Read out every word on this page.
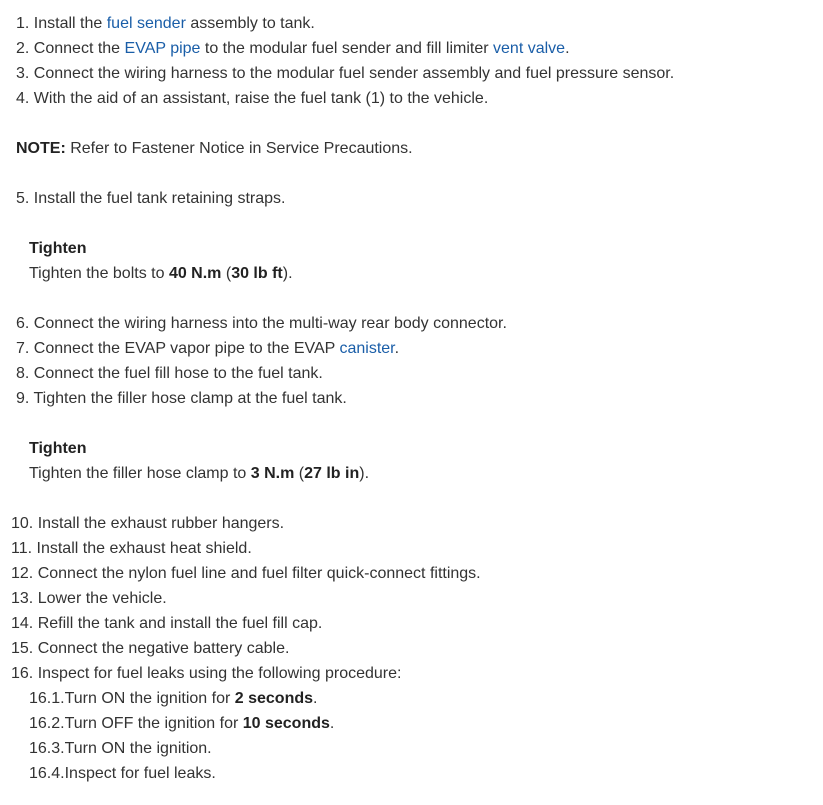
1. Install the fuel sender assembly to tank.
2. Connect the EVAP pipe to the modular fuel sender and fill limiter vent valve.
3. Connect the wiring harness to the modular fuel sender assembly and fuel pressure sensor.
4. With the aid of an assistant, raise the fuel tank (1) to the vehicle.
NOTE: Refer to Fastener Notice in Service Precautions.
5. Install the fuel tank retaining straps.
Tighten
Tighten the bolts to 40 N.m (30 lb ft).
6. Connect the wiring harness into the multi-way rear body connector.
7. Connect the EVAP vapor pipe to the EVAP canister.
8. Connect the fuel fill hose to the fuel tank.
9. Tighten the filler hose clamp at the fuel tank.
Tighten
Tighten the filler hose clamp to 3 N.m (27 lb in).
10. Install the exhaust rubber hangers.
11. Install the exhaust heat shield.
12. Connect the nylon fuel line and fuel filter quick-connect fittings.
13. Lower the vehicle.
14. Refill the tank and install the fuel fill cap.
15. Connect the negative battery cable.
16. Inspect for fuel leaks using the following procedure:
16.1.Turn ON the ignition for 2 seconds.
16.2.Turn OFF the ignition for 10 seconds.
16.3.Turn ON the ignition.
16.4.Inspect for fuel leaks.
